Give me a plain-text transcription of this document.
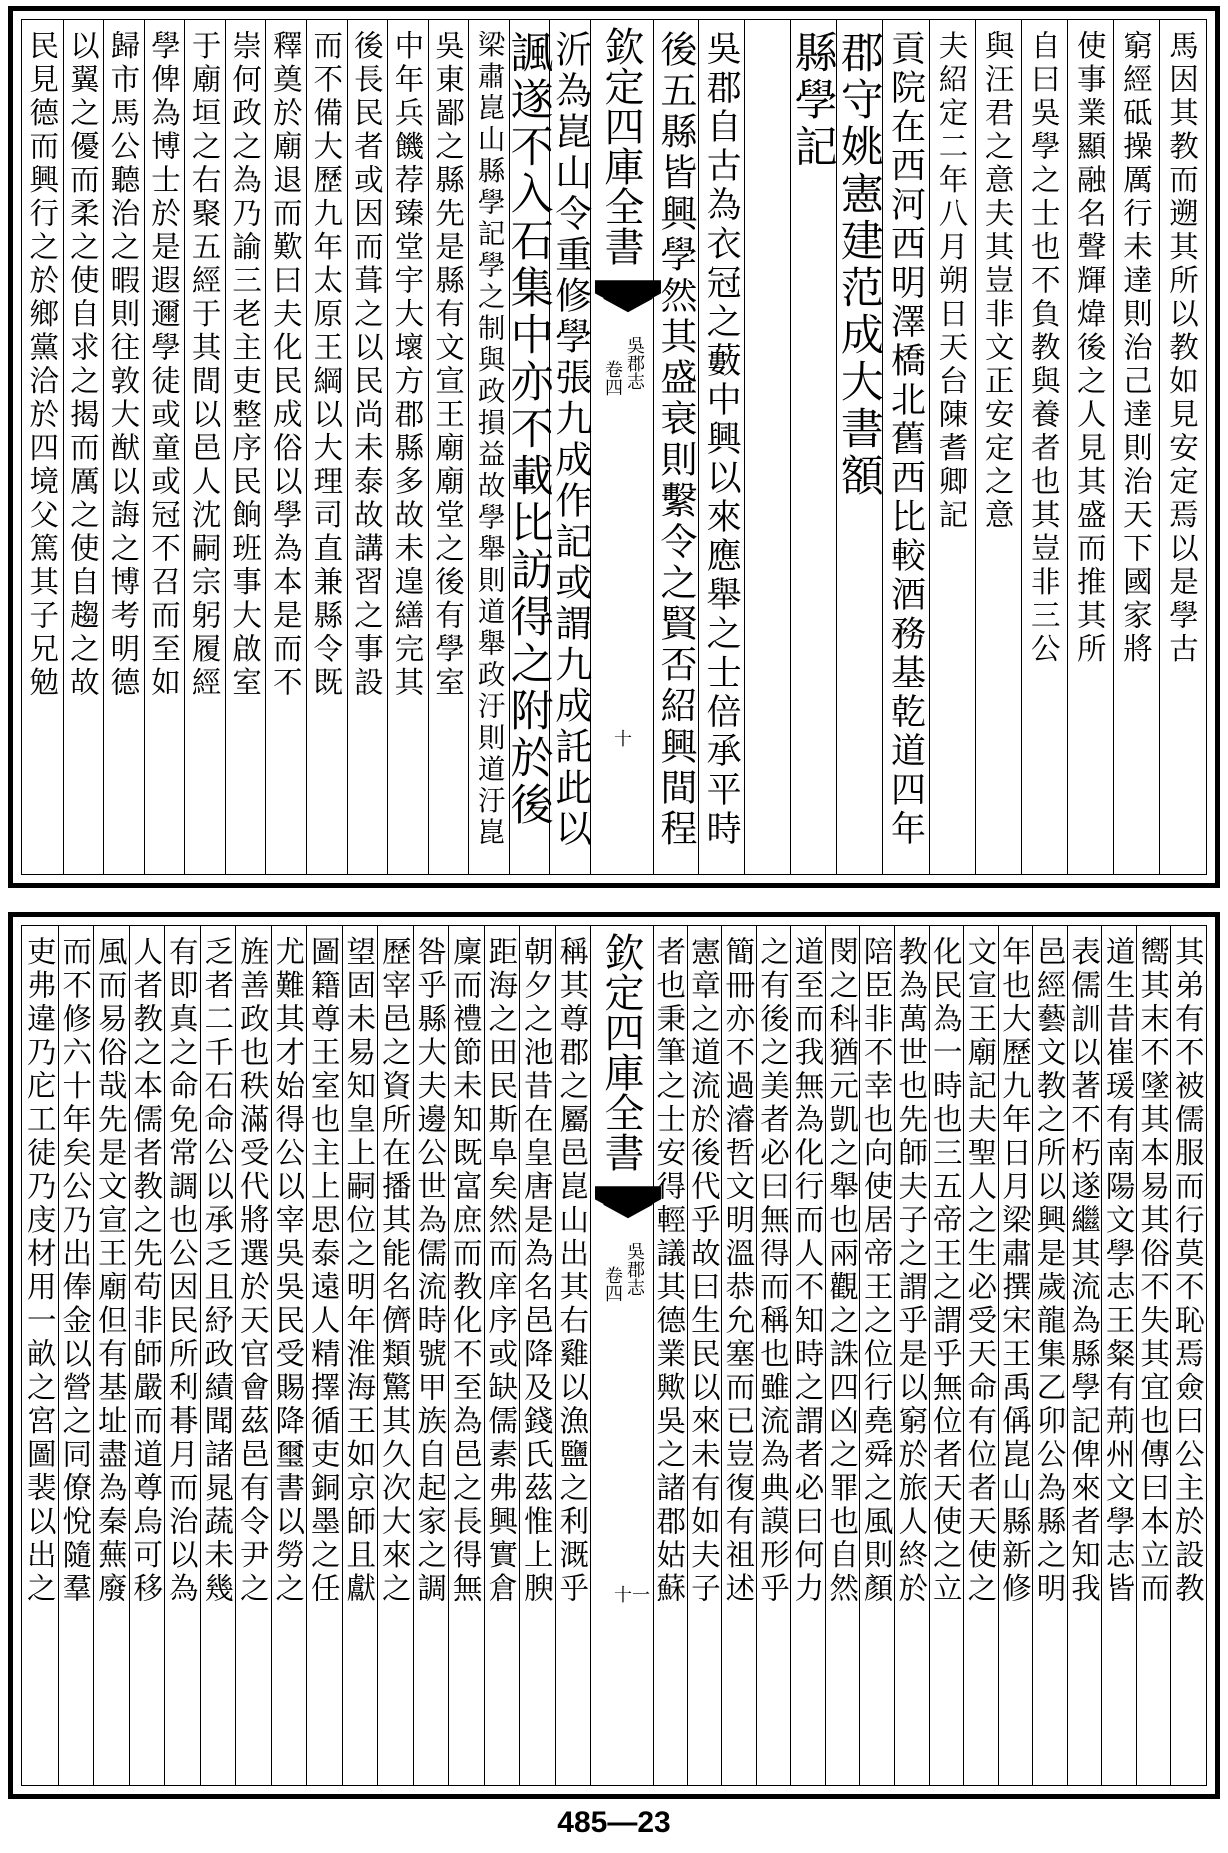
欽定四庫全書
吳郡志
卷四
十
馬因其教而遡其所以教如見安定焉以是學古
窮經砥操厲行未達則治己達則治天下國家將
使事業顯融名聲輝煒後之人見其盛而推其所
自曰吳學之士也不負教與養者也其豈非三公
與汪君之意夫其豈非文正安定之意
夫紹定二年八月朔日天台陳耆卿記
貢院在西河西明澤橋北舊西比較酒務基乾道四年
郡守姚憲建范成大書額
縣學記
吳郡自古為衣冠之藪中興以來應舉之士倍承平時
後五縣皆興學然其盛衰則繫令之賢否紹興間程
沂為崑山令重修學張九成作記或謂九成託此以
諷遂不入石集中亦不載比訪得之附於後
梁肅崑山縣學記學之制與政損益故學舉則道舉政汙則道汙崑
吳東鄙之縣先是縣有文宣王廟廟堂之後有學室
中年兵饑荐臻堂宇大壞方郡縣多故未遑繕完其
後長民者或因而葺之以民尚未泰故講習之事設
而不備大歷九年太原王綱以大理司直兼縣令既
釋奠於廟退而歎曰夫化民成俗以學為本是而不
崇何政之為乃諭三老主吏整序民餉班事大啟室
于廟垣之右聚五經于其間以邑人沈嗣宗躬履經
學俾為博士於是遐邇學徒或童或冠不召而至如
歸市馬公聽治之暇則往敦大猷以誨之博考明德
以翼之優而柔之使自求之揭而厲之使自趨之故
民見德而興行之於鄉黨洽於四境父篤其子兄勉
欽定四庫全書
吳郡志
卷四
十一	其弟有不被儒服而行莫不恥焉僉曰公主於設教
嚮其末不墜其本易其俗不失其宜也傳曰本立而
道生昔崔瑗有南陽文學志王粲有荊州文學志皆
表儒訓以著不朽遂繼其流為縣學記俾來者知我
邑經藝文教之所以興是歲龍集乙卯公為縣之明
年也大歷九年日月梁肅撰宋王禹偁崑山縣新修
文宣王廟記夫聖人之生必受天命有位者天使之
化民為一時也三五帝王之謂乎無位者天使之立
教為萬世也先師夫子之謂乎是以窮於旅人終於
陪臣非不幸也向使居帝王之位行堯舜之風則顏
閔之科猶元凱之舉也兩觀之誅四凶之罪也自然
道至而我無為化行而人不知時之謂者必曰何力
之有後之美者必曰無得而稱也雖流為典謨形乎
簡冊亦不過濬哲文明溫恭允塞而已豈復有祖述
憲章之道流於後代乎故曰生民以來未有如夫子
者也秉筆之士安得輕議其德業歟吳之諸郡姑蘇
稱其尊郡之屬邑崑山出其右雞以漁鹽之利溉乎
朝夕之池昔在皇唐是為名邑降及錢氏茲惟上腴
距海之田民斯阜矣然而庠序或缺儒素弗興實倉
廩而禮節未知既富庶而教化不至為邑之長得無
咎乎縣大夫邊公世為儒流時號甲族自起家之調
歷宰邑之資所在播其能名儕類驚其久次大來之
望固未易知皇上嗣位之明年淮海王如京師且獻
圖籍尊王室也主上思泰遠人精擇循吏銅墨之任
尤難其才始得公以宰吳吳民受賜降璽書以勞之
旌善政也秩滿受代將選於天官會茲邑有令尹之
乏者二千石命公以承乏且紓政績聞諸晁蔬未幾
有即真之命免常調也公因民所利朞月而治以為
人者教之本儒者教之先苟非師嚴而道尊烏可移
風而易俗哉先是文宣王廟但有基址盡為秦蕪廢
而不修六十年矣公乃出俸金以營之同僚悅隨羣
吏弗違乃庀工徒乃庋材用一畝之宮圖裴以出之
485—23
